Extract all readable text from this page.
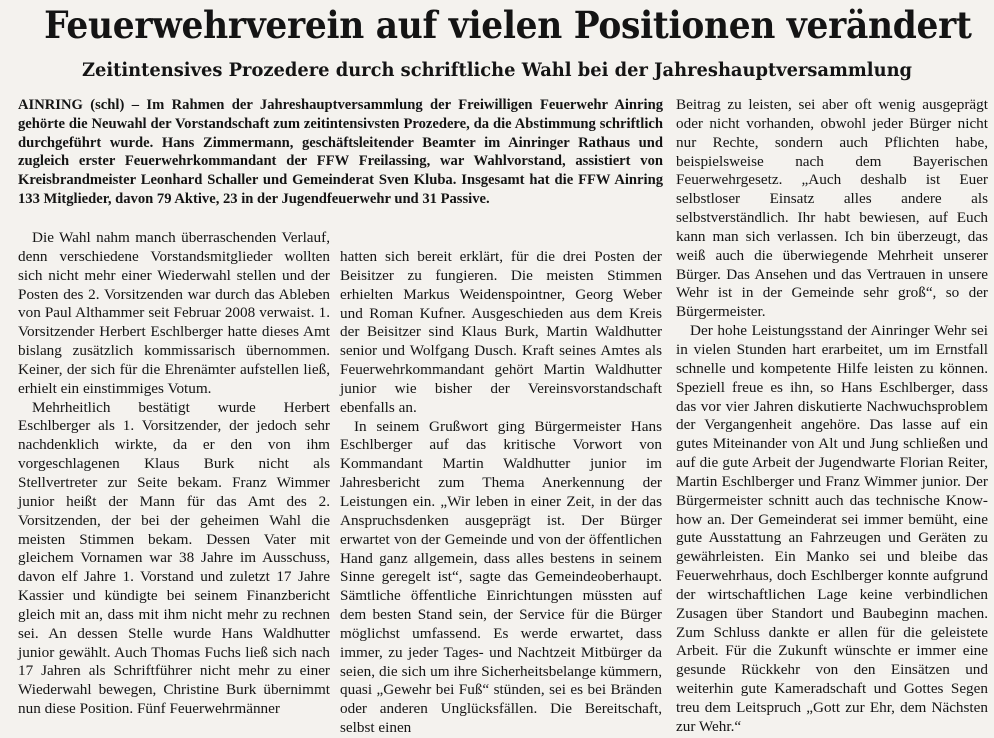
Feuerwehrverein auf vielen Positionen verändert
Zeitintensives Prozedere durch schriftliche Wahl bei der Jahreshauptversammlung

AINRING (schl) – Im Rahmen der Jahreshauptversammlung der Freiwilligen Feuerwehr Ainring gehörte die Neuwahl der Vorstandschaft zum zeitintensivsten Prozedere, da die Abstimmung schriftlich durchgeführt wurde. Hans Zimmermann, geschäftsleitender Beamter im Ainringer Rathaus und zugleich erster Feuerwehrkommandant der FFW Freilassing, war Wahlvorstand, assistiert von Kreisbrandmeister Leonhard Schaller und Gemeinderat Sven Kluba. Insgesamt hat die FFW Ainring 133 Mitglieder, davon 79 Aktive, 23 in der Jugendfeuerwehr und 31 Passive.

Die Wahl nahm manch überraschenden Verlauf, denn verschiedene Vorstandsmitglieder wollten sich nicht mehr einer Wiederwahl stellen und der Posten des 2. Vorsitzenden war durch das Ableben von Paul Althammer seit Februar 2008 verwaist. 1. Vorsitzender Herbert Eschlberger hatte dieses Amt bislang zusätzlich kommissarisch übernommen. Keiner, der sich für die Ehrenämter aufstellen ließ, erhielt ein einstimmiges Votum.

Mehrheitlich bestätigt wurde Herbert Eschlberger als 1. Vorsitzender, der jedoch sehr nachdenklich wirkte, da er den von ihm vorgeschlagenen Klaus Burk nicht als Stellvertreter zur Seite bekam. Franz Wimmer junior heißt der Mann für das Amt des 2. Vorsitzenden, der bei der geheimen Wahl die meisten Stimmen bekam. Dessen Vater mit gleichem Vornamen war 38 Jahre im Ausschuss, davon elf Jahre 1. Vorstand und zuletzt 17 Jahre Kassier und kündigte bei seinem Finanzbericht gleich mit an, dass mit ihm nicht mehr zu rechnen sei. An dessen Stelle wurde Hans Waldhutter junior gewählt. Auch Thomas Fuchs ließ sich nach 17 Jahren als Schriftführer nicht mehr zu einer Wiederwahl bewegen, Christine Burk übernimmt nun diese Position. Fünf Feuerwehrmänner

hatten sich bereit erklärt, für die drei Posten der Beisitzer zu fungieren. Die meisten Stimmen erhielten Markus Weidenspointner, Georg Weber und Roman Kufner. Ausgeschieden aus dem Kreis der Beisitzer sind Klaus Burk, Martin Waldhutter senior und Wolfgang Dusch. Kraft seines Amtes als Feuerwehrkommandant gehört Martin Waldhutter junior wie bisher der Vereinsvorstandschaft ebenfalls an.

In seinem Grußwort ging Bürgermeister Hans Eschlberger auf das kritische Vorwort von Kommandant Martin Waldhutter junior im Jahresbericht zum Thema Anerkennung der Leistungen ein. „Wir leben in einer Zeit, in der das Anspruchsdenken ausgeprägt ist. Der Bürger erwartet von der Gemeinde und von der öffentlichen Hand ganz allgemein, dass alles bestens in seinem Sinne geregelt ist“, sagte das Gemeindeoberhaupt. Sämtliche öffentliche Einrichtungen müssten auf dem besten Stand sein, der Service für die Bürger möglichst umfassend. Es werde erwartet, dass immer, zu jeder Tages- und Nachtzeit Mitbürger da seien, die sich um ihre Sicherheitsbelange kümmern, quasi „Gewehr bei Fuß“ stünden, sei es bei Bränden oder anderen Unglücksfällen. Die Bereitschaft, selbst einen

Beitrag zu leisten, sei aber oft wenig ausgeprägt oder nicht vorhanden, obwohl jeder Bürger nicht nur Rechte, sondern auch Pflichten habe, beispielsweise nach dem Bayerischen Feuerwehrgesetz. „Auch deshalb ist Euer selbstloser Einsatz alles andere als selbstverständlich. Ihr habt bewiesen, auf Euch kann man sich verlassen. Ich bin überzeugt, das weiß auch die überwiegende Mehrheit unserer Bürger. Das Ansehen und das Vertrauen in unsere Wehr ist in der Gemeinde sehr groß“, so der Bürgermeister.

Der hohe Leistungsstand der Ainringer Wehr sei in vielen Stunden hart erarbeitet, um im Ernstfall schnelle und kompetente Hilfe leisten zu können. Speziell freue es ihn, so Hans Eschlberger, dass das vor vier Jahren diskutierte Nachwuchsproblem der Vergangenheit angehöre. Das lasse auf ein gutes Miteinander von Alt und Jung schließen und auf die gute Arbeit der Jugendwarte Florian Reiter, Martin Eschlberger und Franz Wimmer junior. Der Bürgermeister schnitt auch das technische Know-how an. Der Gemeinderat sei immer bemüht, eine gute Ausstattung an Fahrzeugen und Geräten zu gewährleisten. Ein Manko sei und bleibe das Feuerwehrhaus, doch Eschlberger konnte aufgrund der wirtschaftlichen Lage keine verbindlichen Zusagen über Standort und Baubeginn machen. Zum Schluss dankte er allen für die geleistete Arbeit. Für die Zukunft wünschte er immer eine gesunde Rückkehr von den Einsätzen und weiterhin gute Kameradschaft und Gottes Segen treu dem Leitspruch „Gott zur Ehr, dem Nächsten zur Wehr.“
